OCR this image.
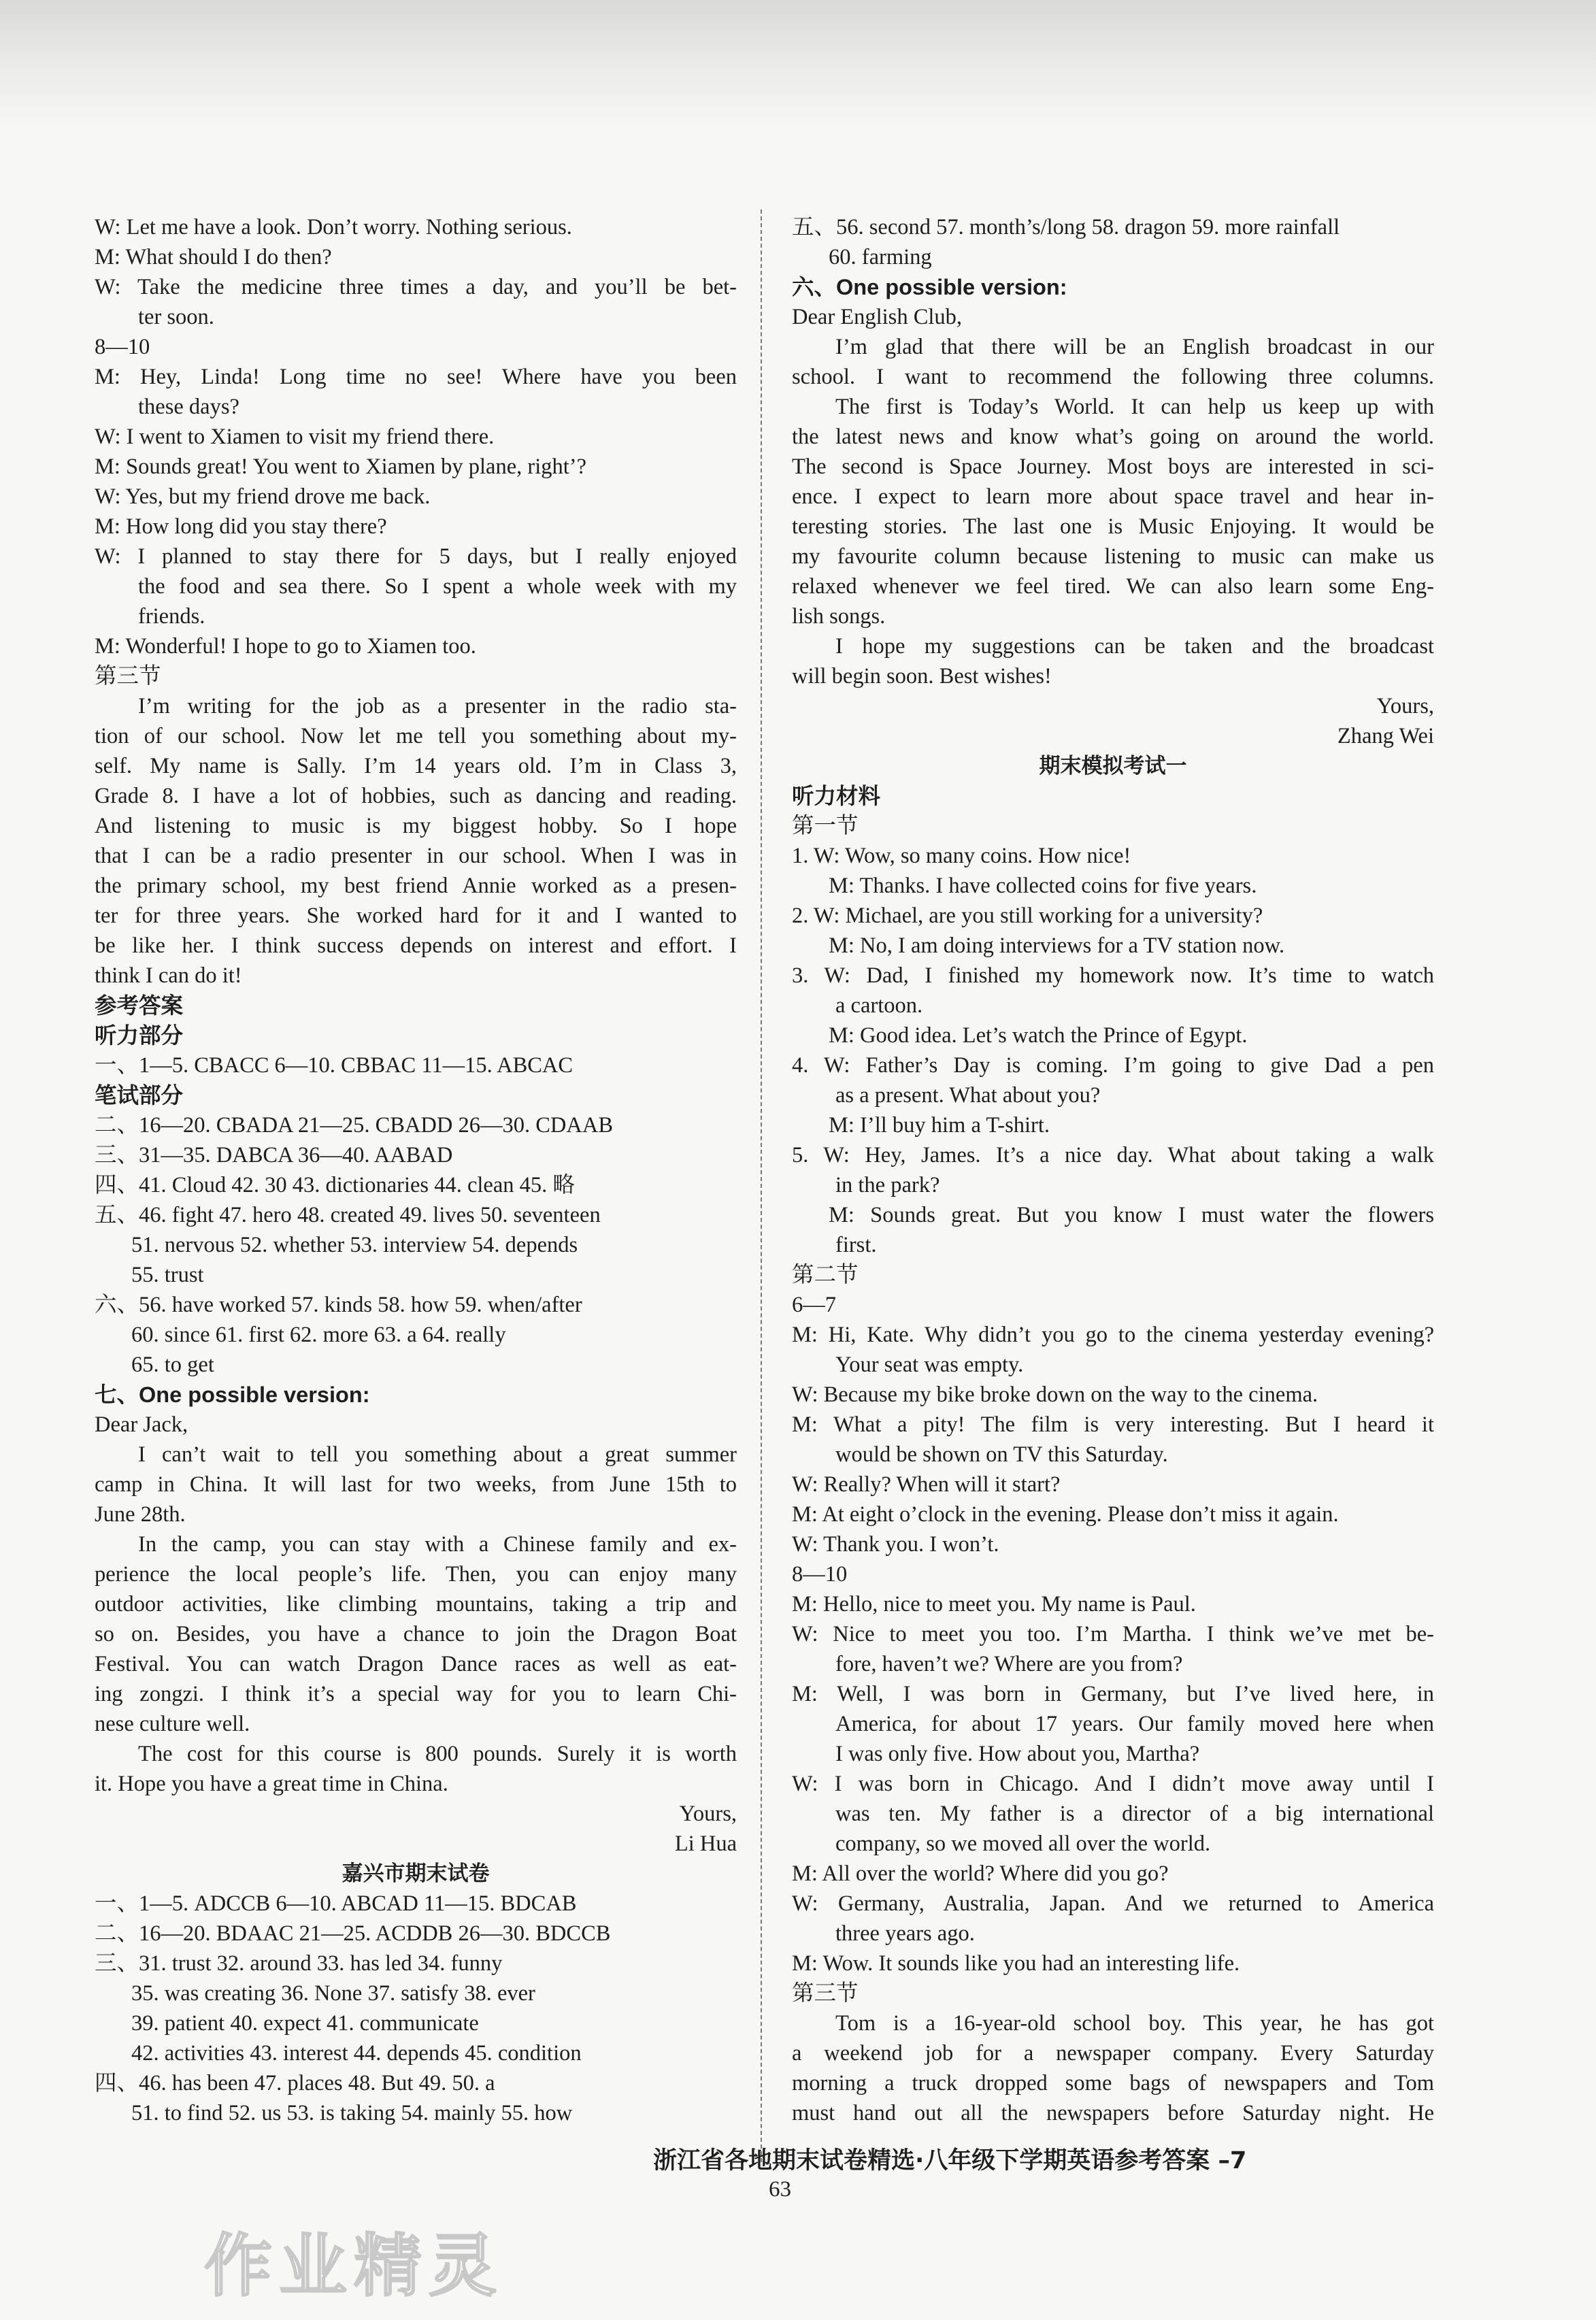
W: Let me have a look. Don’t worry. Nothing serious.
M: What should I do then?
W: Take the medicine three times a day, and you’ll be bet-
ter soon.
8—10
M: Hey, Linda! Long time no see! Where have you been
these days?
W: I went to Xiamen to visit my friend there.
M: Sounds great! You went to Xiamen by plane, right’?
W: Yes, but my friend drove me back.
M: How long did you stay there?
W: I planned to stay there for 5 days, but I really enjoyed
the food and sea there. So I spent a whole week with my
friends.
M: Wonderful! I hope to go to Xiamen too.
第三节
I’m writing for the job as a presenter in the radio sta-
tion of our school. Now let me tell you something about my-
self. My name is Sally. I’m 14 years old. I’m in Class 3,
Grade 8. I have a lot of hobbies, such as dancing and reading.
And listening to music is my biggest hobby. So I hope
that I can be a radio presenter in our school. When I was in
the primary school, my best friend Annie worked as a presen-
ter for three years. She worked hard for it and I wanted to
be like her. I think success depends on interest and effort. I
think I can do it!
参考答案
听力部分
一、1—5. CBACC 6—10. CBBAC 11—15. ABCAC
笔试部分
二、16—20. CBADA 21—25. CBADD 26—30. CDAAB
三、31—35. DABCA 36—40. AABAD
四、41. Cloud 42. 30 43. dictionaries 44. clean 45. 略
五、46. fight 47. hero 48. created 49. lives 50. seventeen
51. nervous 52. whether 53. interview 54. depends
55. trust
六、56. have worked 57. kinds 58. how 59. when/after
60. since 61. first 62. more 63. a 64. really
65. to get
七、One possible version:
Dear Jack,
I can’t wait to tell you something about a great summer
camp in China. It will last for two weeks, from June 15th to
June 28th.
In the camp, you can stay with a Chinese family and ex-
perience the local people’s life. Then, you can enjoy many
outdoor activities, like climbing mountains, taking a trip and
so on. Besides, you have a chance to join the Dragon Boat
Festival. You can watch Dragon Dance races as well as eat-
ing zongzi. I think it’s a special way for you to learn Chi-
nese culture well.
The cost for this course is 800 pounds. Surely it is worth
it. Hope you have a great time in China.
Yours,
Li Hua
嘉兴市期末试卷
一、1—5. ADCCB 6—10. ABCAD 11—15. BDCAB
二、16—20. BDAAC 21—25. ACDDB 26—30. BDCCB
三、31. trust 32. around 33. has led 34. funny
35. was creating 36. None 37. satisfy 38. ever
39. patient 40. expect 41. communicate
42. activities 43. interest 44. depends 45. condition
四、46. has been 47. places 48. But 49. 50. a
51. to find 52. us 53. is taking 54. mainly 55. how
五、56. second 57. month’s/long 58. dragon 59. more rainfall
60. farming
六、One possible version:
Dear English Club,
I’m glad that there will be an English broadcast in our
school. I want to recommend the following three columns.
The first is Today’s World. It can help us keep up with
the latest news and know what’s going on around the world.
The second is Space Journey. Most boys are interested in sci-
ence. I expect to learn more about space travel and hear in-
teresting stories. The last one is Music Enjoying. It would be
my favourite column because listening to music can make us
relaxed whenever we feel tired. We can also learn some Eng-
lish songs.
I hope my suggestions can be taken and the broadcast
will begin soon. Best wishes!
Yours,
Zhang Wei
期末模拟考试一
听力材料
第一节
1. W: Wow, so many coins. How nice!
M: Thanks. I have collected coins for five years.
2. W: Michael, are you still working for a university?
M: No, I am doing interviews for a TV station now.
3. W: Dad, I finished my homework now. It’s time to watch
a cartoon.
M: Good idea. Let’s watch the Prince of Egypt.
4. W: Father’s Day is coming. I’m going to give Dad a pen
as a present. What about you?
M: I’ll buy him a T-shirt.
5. W: Hey, James. It’s a nice day. What about taking a walk
in the park?
M: Sounds great. But you know I must water the flowers
first.
第二节
6—7
M: Hi, Kate. Why didn’t you go to the cinema yesterday evening?
Your seat was empty.
W: Because my bike broke down on the way to the cinema.
M: What a pity! The film is very interesting. But I heard it
would be shown on TV this Saturday.
W: Really? When will it start?
M: At eight o’clock in the evening. Please don’t miss it again.
W: Thank you. I won’t.
8—10
M: Hello, nice to meet you. My name is Paul.
W: Nice to meet you too. I’m Martha. I think we’ve met be-
fore, haven’t we? Where are you from?
M: Well, I was born in Germany, but I’ve lived here, in
America, for about 17 years. Our family moved here when
I was only five. How about you, Martha?
W: I was born in Chicago. And I didn’t move away until I
was ten. My father is a director of a big international
company, so we moved all over the world.
M: All over the world? Where did you go?
W: Germany, Australia, Japan. And we returned to America
three years ago.
M: Wow. It sounds like you had an interesting life.
第三节
Tom is a 16-year-old school boy. This year, he has got
a weekend job for a newspaper company. Every Saturday
morning a truck dropped some bags of newspapers and Tom
must hand out all the newspapers before Saturday night. He
浙江省各地期末试卷精选·八年级下学期英语参考答案 –7
63
作业精灵
